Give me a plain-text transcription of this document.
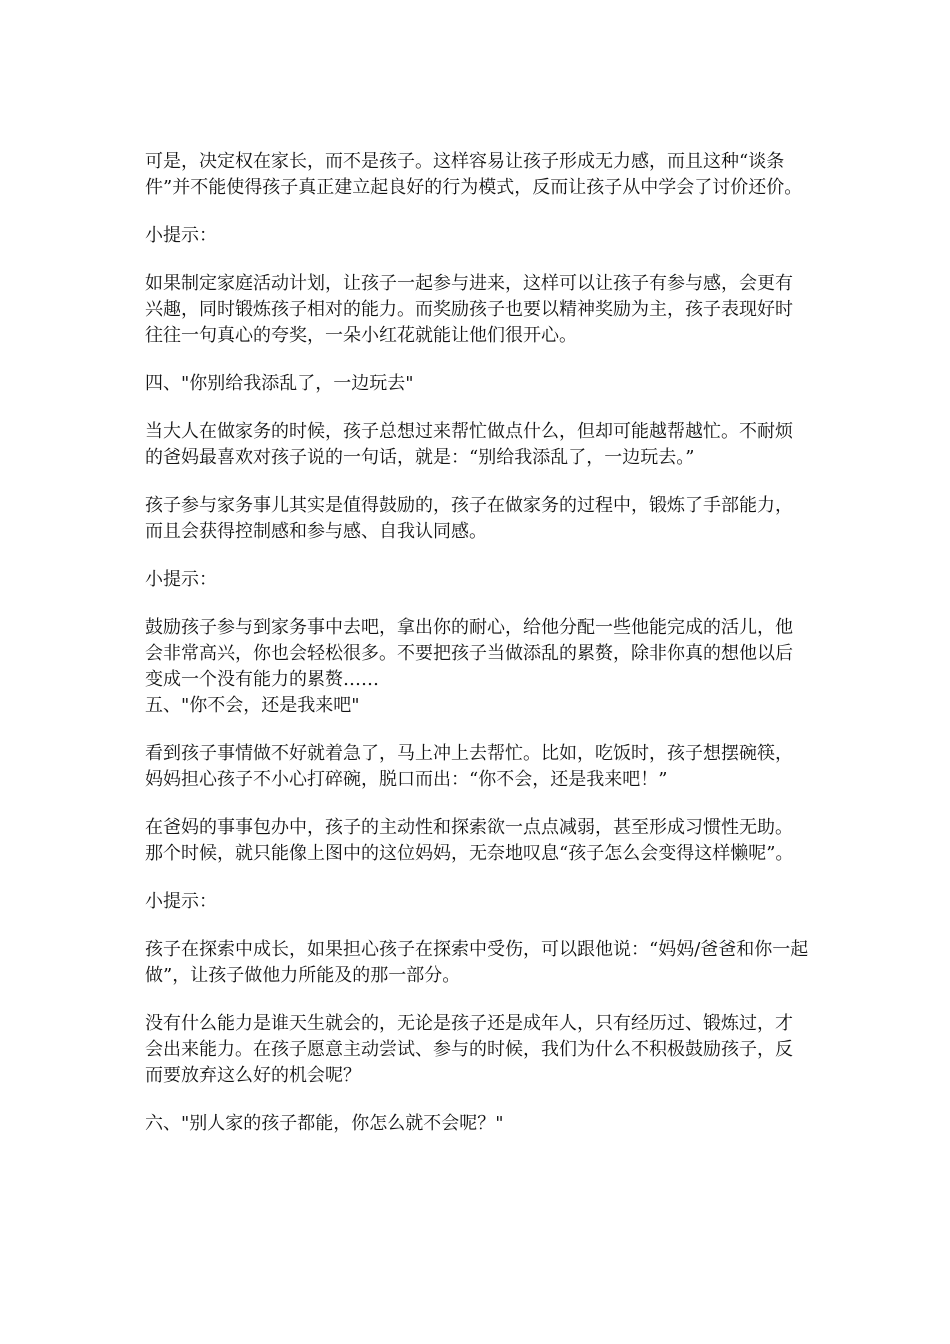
可是，决定权在家长，而不是孩子。这样容易让孩子形成无力感，而且这种“谈条件”并不能使得孩子真正建立起良好的行为模式，反而让孩子从中学会了讨价还价。

小提示：

如果制定家庭活动计划，让孩子一起参与进来，这样可以让孩子有参与感，会更有兴趣，同时锻炼孩子相对的能力。而奖励孩子也要以精神奖励为主，孩子表现好时往往一句真心的夸奖，一朵小红花就能让他们很开心。

四、"你别给我添乱了，一边玩去"

当大人在做家务的时候，孩子总想过来帮忙做点什么，但却可能越帮越忙。不耐烦的爸妈最喜欢对孩子说的一句话，就是：“别给我添乱了，一边玩去。”

孩子参与家务事儿其实是值得鼓励的，孩子在做家务的过程中，锻炼了手部能力，而且会获得控制感和参与感、自我认同感。

小提示：

鼓励孩子参与到家务事中去吧，拿出你的耐心，给他分配一些他能完成的活儿，他会非常高兴，你也会轻松很多。不要把孩子当做添乱的累赘，除非你真的想他以后变成一个没有能力的累赘……

五、"你不会，还是我来吧"

看到孩子事情做不好就着急了，马上冲上去帮忙。比如，吃饭时，孩子想摆碗筷，妈妈担心孩子不小心打碎碗，脱口而出：“你不会，还是我来吧！”

在爸妈的事事包办中，孩子的主动性和探索欲一点点减弱，甚至形成习惯性无助。那个时候，就只能像上图中的这位妈妈，无奈地叹息“孩子怎么会变得这样懒呢”。

小提示：

孩子在探索中成长，如果担心孩子在探索中受伤，可以跟他说：“妈妈/爸爸和你一起做”，让孩子做他力所能及的那一部分。

没有什么能力是谁天生就会的，无论是孩子还是成年人，只有经历过、锻炼过，才会出来能力。在孩子愿意主动尝试、参与的时候，我们为什么不积极鼓励孩子，反而要放弃这么好的机会呢？

六、"别人家的孩子都能，你怎么就不会呢？"
